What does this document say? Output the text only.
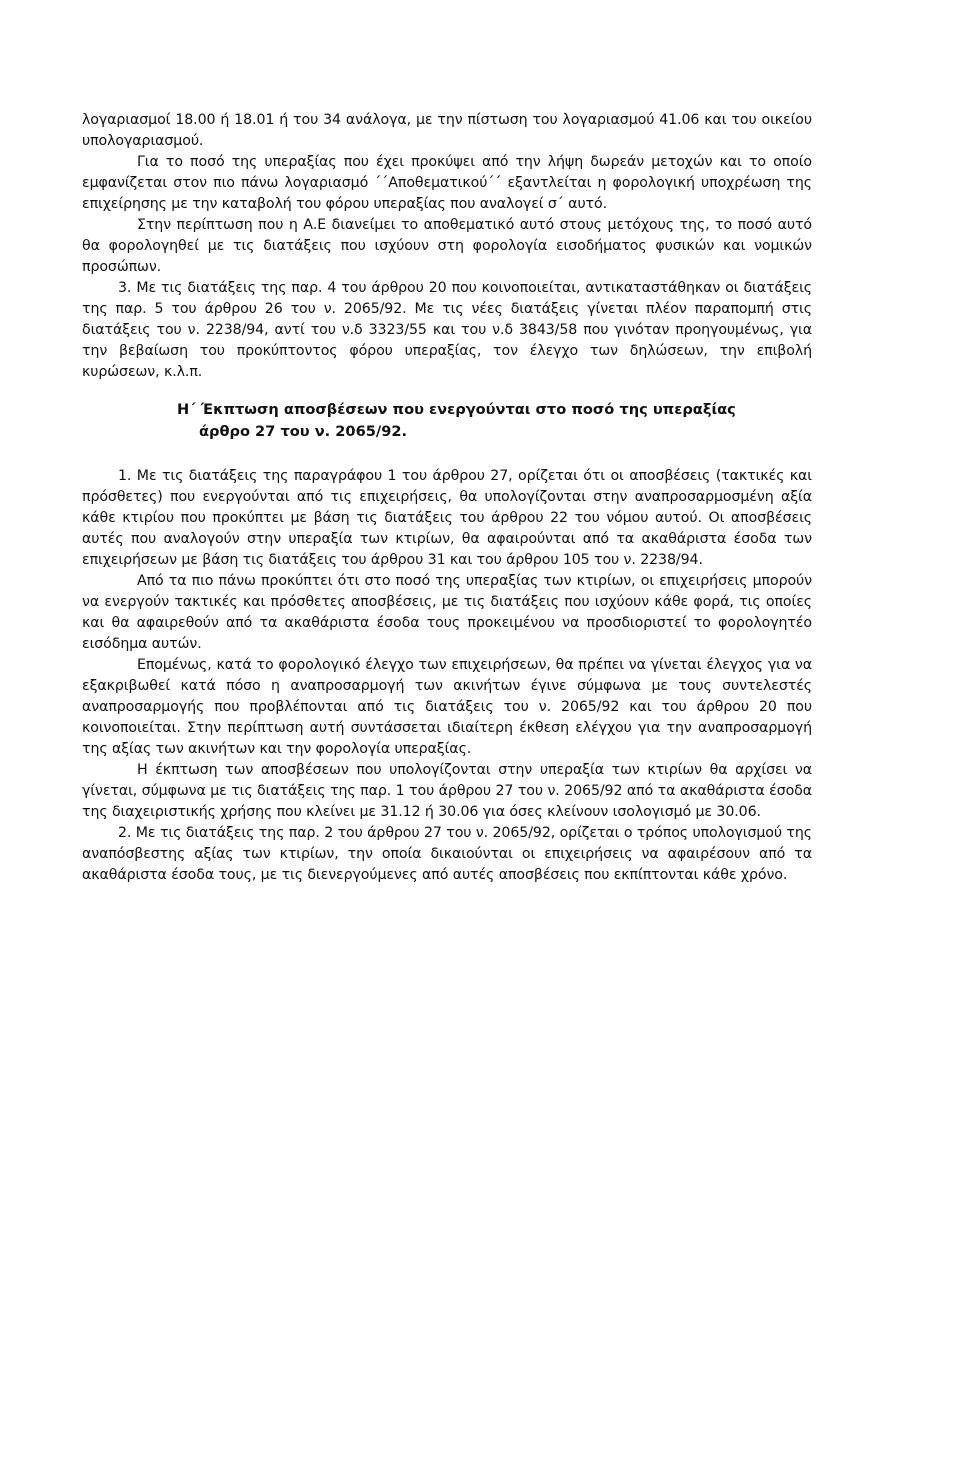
λογαριασμοί 18.00 ή 18.01 ή του 34 ανάλογα, με την πίστωση του λογαριασμού 41.06 και του οικείου υπολογαριασμού.

Για το ποσό της υπεραξίας που έχει προκύψει από την λήψη δωρεάν μετοχών και το οποίο εμφανίζεται στον πιο πάνω λογαριασμό ΄΄Αποθεματικού΄΄ εξαντλείται η φορολογική υποχρέωση της επιχείρησης με την καταβολή του φόρου υπεραξίας που αναλογεί σ΄ αυτό.

Στην περίπτωση που η Α.Ε διανείμει το αποθεματικό αυτό στους μετόχους της, το ποσό αυτό θα φορολογηθεί με τις διατάξεις που ισχύουν στη φορολογία εισοδήματος φυσικών και νομικών προσώπων.

3. Με τις διατάξεις της παρ. 4 του άρθρου 20 που κοινοποιείται, αντικαταστάθηκαν οι διατάξεις της παρ. 5 του άρθρου 26 του ν. 2065/92. Με τις νέες διατάξεις γίνεται πλέον παραπομπή στις διατάξεις του ν. 2238/94, αντί του ν.δ 3323/55 και του ν.δ 3843/58 που γινόταν προηγουμένως, για την βεβαίωση του προκύπτοντος φόρου υπεραξίας, τον έλεγχο των δηλώσεων, την επιβολή κυρώσεων, κ.λ.π.

Η΄ Έκπτωση αποσβέσεων που ενεργούνται στο ποσό της υπεραξίας
άρθρο 27 του ν. 2065/92.

1. Με τις διατάξεις της παραγράφου 1 του άρθρου 27, ορίζεται ότι οι αποσβέσεις (τακτικές και πρόσθετες) που ενεργούνται από τις επιχειρήσεις, θα υπολογίζονται στην αναπροσαρμοσμένη αξία κάθε κτιρίου που προκύπτει με βάση τις διατάξεις του άρθρου 22 του νόμου αυτού. Οι αποσβέσεις αυτές που αναλογούν στην υπεραξία των κτιρίων, θα αφαιρούνται από τα ακαθάριστα έσοδα των επιχειρήσεων με βάση τις διατάξεις του άρθρου 31 και του άρθρου 105 του ν. 2238/94.

Από τα πιο πάνω προκύπτει ότι στο ποσό της υπεραξίας των κτιρίων, οι επιχειρήσεις μπορούν να ενεργούν τακτικές και πρόσθετες αποσβέσεις, με τις διατάξεις που ισχύουν κάθε φορά, τις οποίες και θα αφαιρεθούν από τα ακαθάριστα έσοδα τους προκειμένου να προσδιοριστεί το φορολογητέο εισόδημα αυτών.

Επομένως, κατά το φορολογικό έλεγχο των επιχειρήσεων, θα πρέπει να γίνεται έλεγχος για να εξακριβωθεί κατά πόσο η αναπροσαρμογή των ακινήτων έγινε σύμφωνα με τους συντελεστές αναπροσαρμογής που προβλέπονται από τις διατάξεις του ν. 2065/92 και του άρθρου 20 που κοινοποιείται. Στην περίπτωση αυτή συντάσσεται ιδιαίτερη έκθεση ελέγχου για την αναπροσαρμογή της αξίας των ακινήτων και την φορολογία υπεραξίας.

Η έκπτωση των αποσβέσεων που υπολογίζονται στην υπεραξία των κτιρίων θα αρχίσει να γίνεται, σύμφωνα με τις διατάξεις της παρ. 1 του άρθρου 27 του ν. 2065/92 από τα ακαθάριστα έσοδα της διαχειριστικής χρήσης που κλείνει με 31.12 ή 30.06 για όσες κλείνουν ισολογισμό με 30.06.

2. Με τις διατάξεις της παρ. 2 του άρθρου 27 του ν. 2065/92, ορίζεται ο τρόπος υπολογισμού της αναπόσβεστης αξίας των κτιρίων, την οποία δικαιούνται οι επιχειρήσεις να αφαιρέσουν από τα ακαθάριστα έσοδα τους, με τις διενεργούμενες από αυτές αποσβέσεις που εκπίπτονται κάθε χρόνο.
